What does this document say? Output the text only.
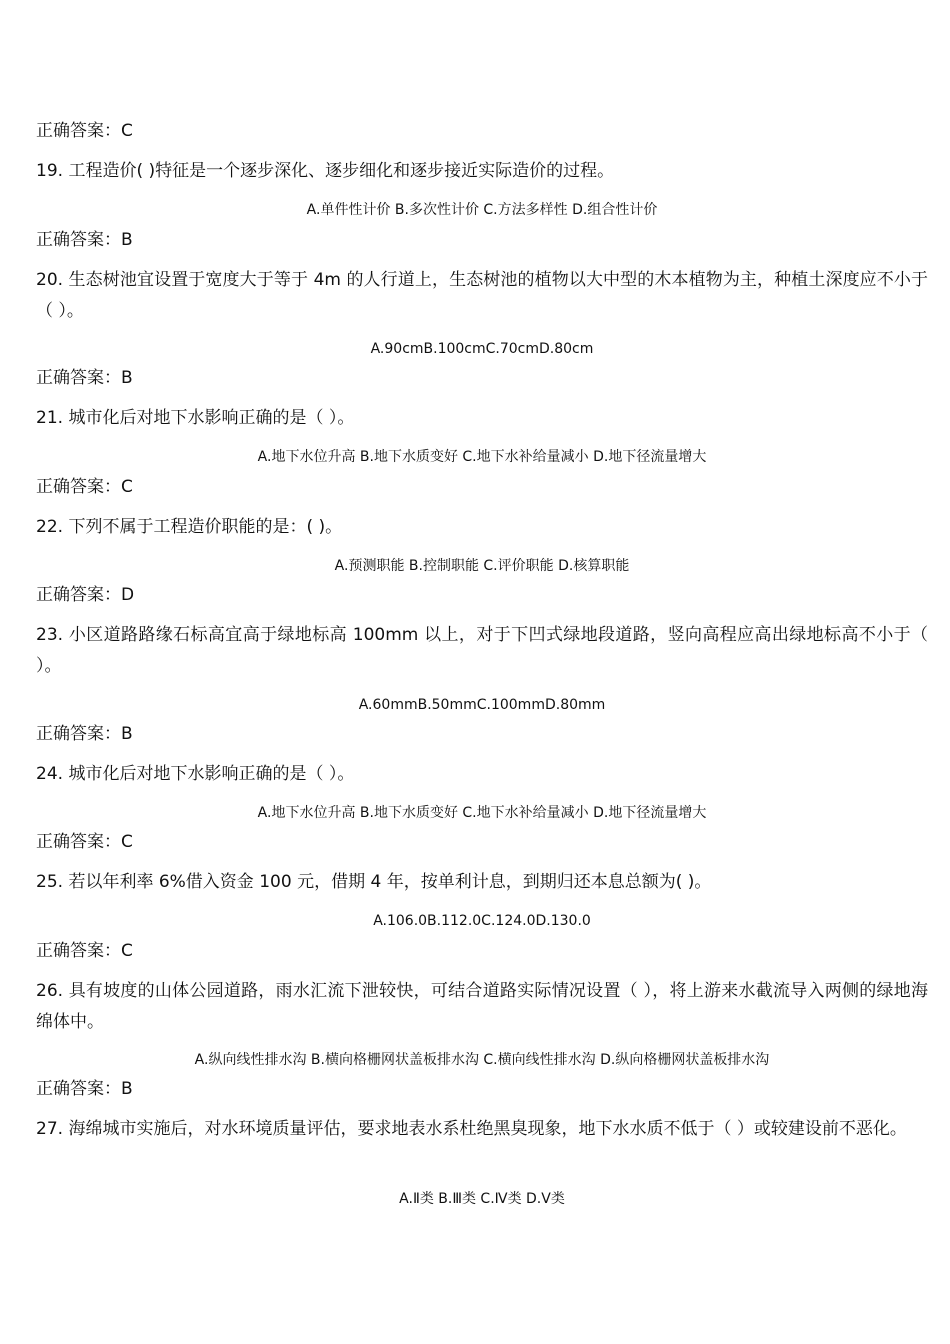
正确答案：C
19. 工程造价( )特征是一个逐步深化、逐步细化和逐步接近实际造价的过程。
A.单件性计价 B.多次性计价 C.方法多样性 D.组合性计价
正确答案：B
20. 生态树池宜设置于宽度大于等于 4m 的人行道上，生态树池的植物以大中型的木本植物为主，种植土深度应不小于（ ）。
A.90cmB.100cmC.70cmD.80cm
正确答案：B
21. 城市化后对地下水影响正确的是（ ）。
A.地下水位升高 B.地下水质变好 C.地下水补给量减小 D.地下径流量增大
正确答案：C
22. 下列不属于工程造价职能的是：( )。
A.预测职能 B.控制职能 C.评价职能 D.核算职能
正确答案：D
23. 小区道路路缘石标高宜高于绿地标高 100mm 以上，对于下凹式绿地段道路，竖向高程应高出绿地标高不小于（ ）。
A.60mmB.50mmC.100mmD.80mm
正确答案：B
24. 城市化后对地下水影响正确的是（ ）。
A.地下水位升高 B.地下水质变好 C.地下水补给量减小 D.地下径流量增大
正确答案：C
25. 若以年利率 6%借入资金 100 元，借期 4 年，按单利计息，到期归还本息总额为( )。
A.106.0B.112.0C.124.0D.130.0
正确答案：C
26. 具有坡度的山体公园道路，雨水汇流下泄较快，可结合道路实际情况设置（ ），将上游来水截流导入两侧的绿地海绵体中。
A.纵向线性排水沟 B.横向格栅网状盖板排水沟 C.横向线性排水沟 D.纵向格栅网状盖板排水沟
正确答案：B
27. 海绵城市实施后，对水环境质量评估，要求地表水系杜绝黑臭现象，地下水水质不低于（ ）或较建设前不恶化。
A.Ⅱ类 B.Ⅲ类 C.Ⅳ类 D.Ⅴ类
